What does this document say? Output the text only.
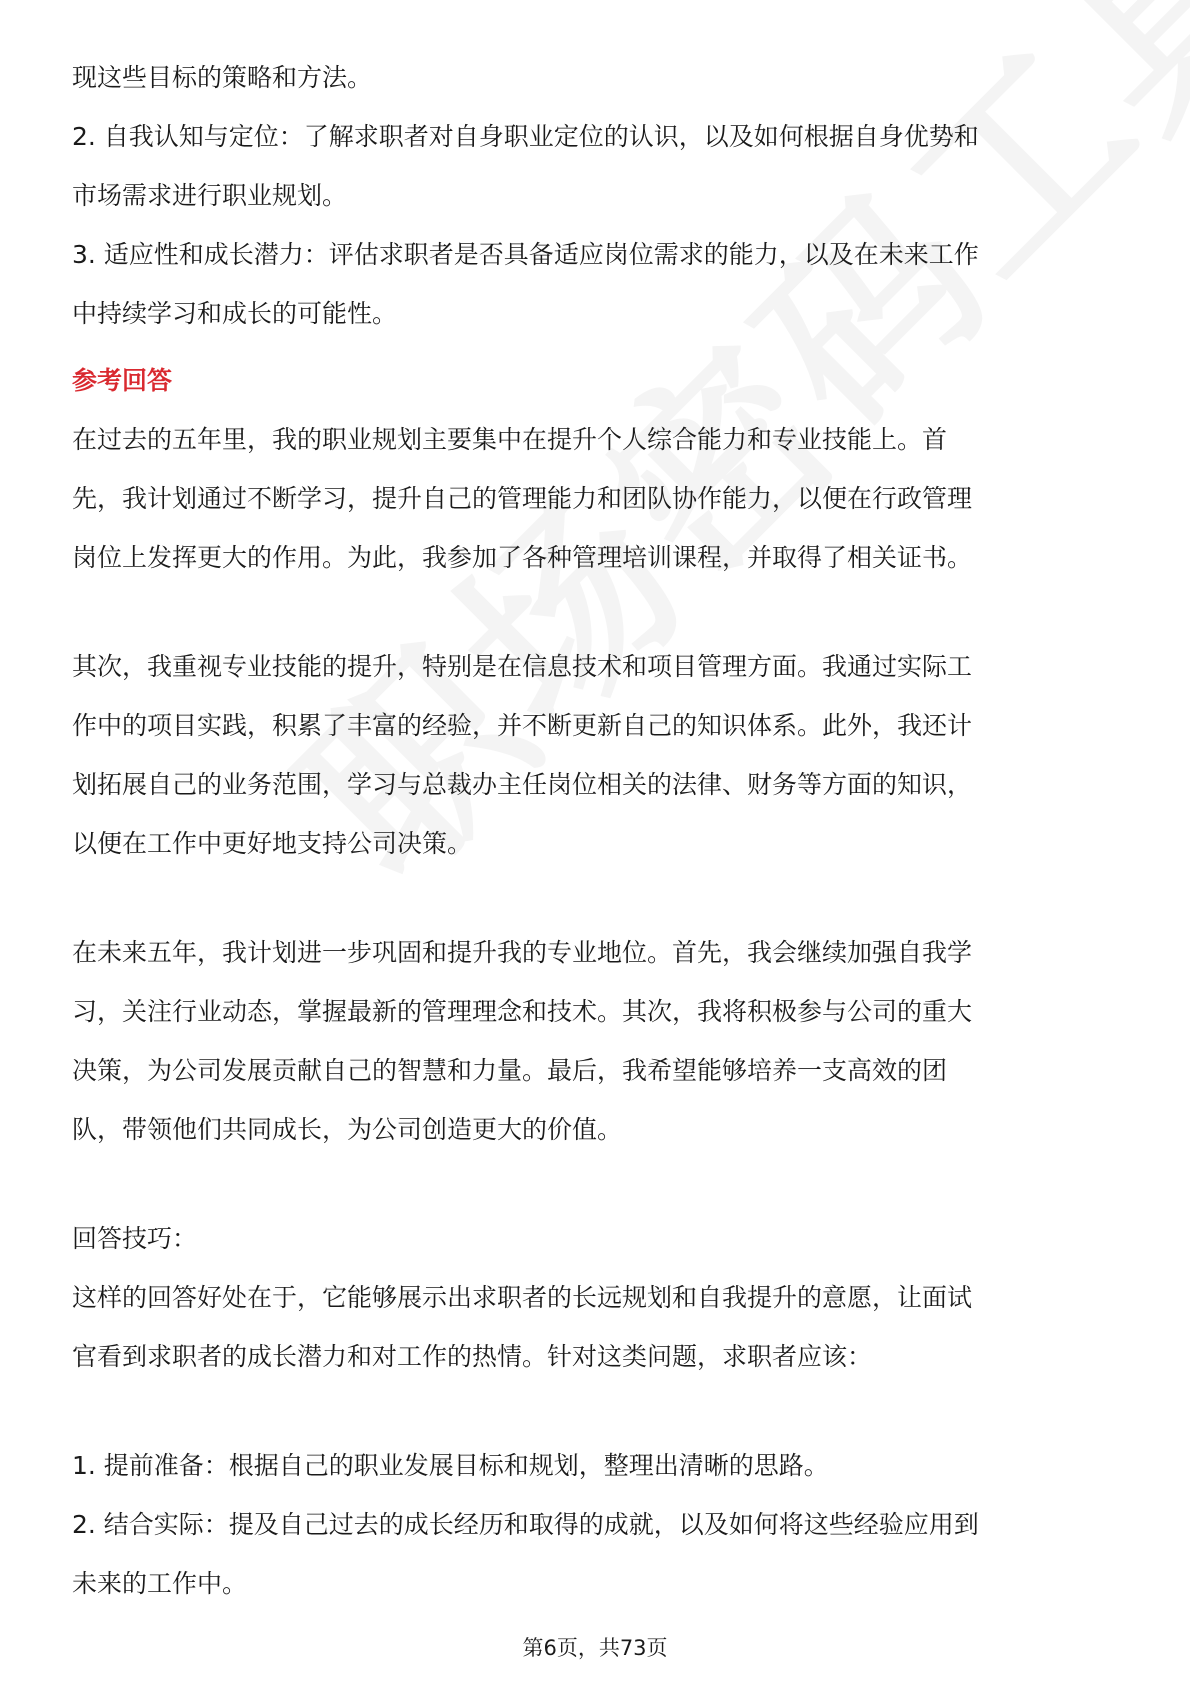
现这些目标的策略和方法。
2. 自我认知与定位：了解求职者对自身职业定位的认识，以及如何根据自身优势和
市场需求进行职业规划。
3. 适应性和成长潜力：评估求职者是否具备适应岗位需求的能力，以及在未来工作
中持续学习和成长的可能性。
参考回答
在过去的五年里，我的职业规划主要集中在提升个人综合能力和专业技能上。首
先，我计划通过不断学习，提升自己的管理能力和团队协作能力，以便在行政管理
岗位上发挥更大的作用。为此，我参加了各种管理培训课程，并取得了相关证书。
其次，我重视专业技能的提升，特别是在信息技术和项目管理方面。我通过实际工
作中的项目实践，积累了丰富的经验，并不断更新自己的知识体系。此外，我还计
划拓展自己的业务范围，学习与总裁办主任岗位相关的法律、财务等方面的知识，
以便在工作中更好地支持公司决策。
在未来五年，我计划进一步巩固和提升我的专业地位。首先，我会继续加强自我学
习，关注行业动态，掌握最新的管理理念和技术。其次，我将积极参与公司的重大
决策，为公司发展贡献自己的智慧和力量。最后，我希望能够培养一支高效的团
队，带领他们共同成长，为公司创造更大的价值。
回答技巧：
这样的回答好处在于，它能够展示出求职者的长远规划和自我提升的意愿，让面试
官看到求职者的成长潜力和对工作的热情。针对这类问题，求职者应该：
1. 提前准备：根据自己的职业发展目标和规划，整理出清晰的思路。
2. 结合实际：提及自己过去的成长经历和取得的成就，以及如何将这些经验应用到
未来的工作中。
第6页，共73页
